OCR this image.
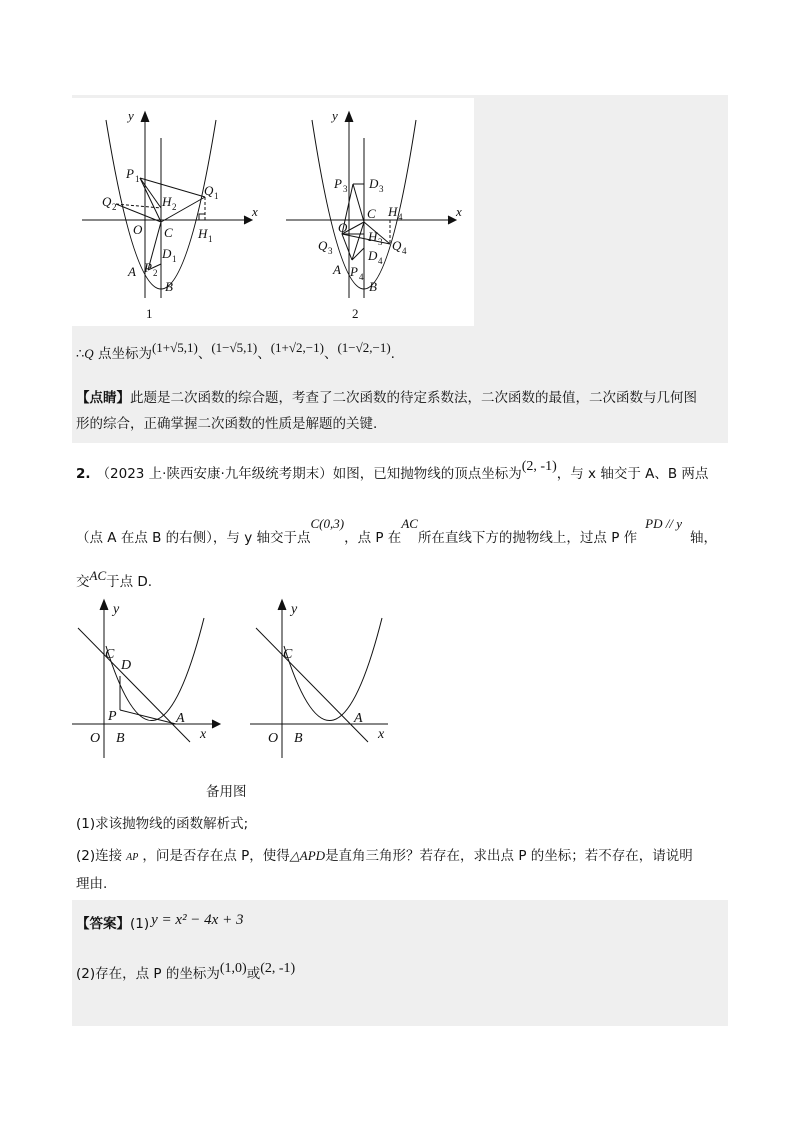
x
y
P 1
Q 2	H 2
Q 1
O C H 1
D 1
A P 2
B
1
x
y
P 3 D 3
C H 4
O
H 3 Q 4
Q 3	D 4
A P 4
B
2
∴Q 点坐标为(1+√5,1)、(1−√5,1)、(1+√2,−1)、(1−√2,−1).
【点睛】此题是二次函数的综合题，考查了二次函数的待定系数法，二次函数的最值，二次函数与几何图
形的综合，正确掌握二次函数的性质是解题的关键.
2. （2023 上·陕西安康·九年级统考期末）如图，已知抛物线的顶点坐标为(2, -1)，与 x 轴交于 A、B 两点
（点 A 在点 B 的右侧），与 y 轴交于点C(0,3)，点 P 在AC所在直线下方的抛物线上，过点 P 作PD // y轴，
交AC于点 D.
y
C
D
P	A
O B	x
y
C
A
O B	x
备用图
(1)求该抛物线的函数解析式;
(2)连接 AP ，问是否存在点 P，使得△APD是直角三角形？若存在，求出点 P 的坐标；若不存在，请说明
理由.
【答案】(1) y = x² − 4x + 3
(2)存在，点 P 的坐标为(1,0)或(2, -1)
